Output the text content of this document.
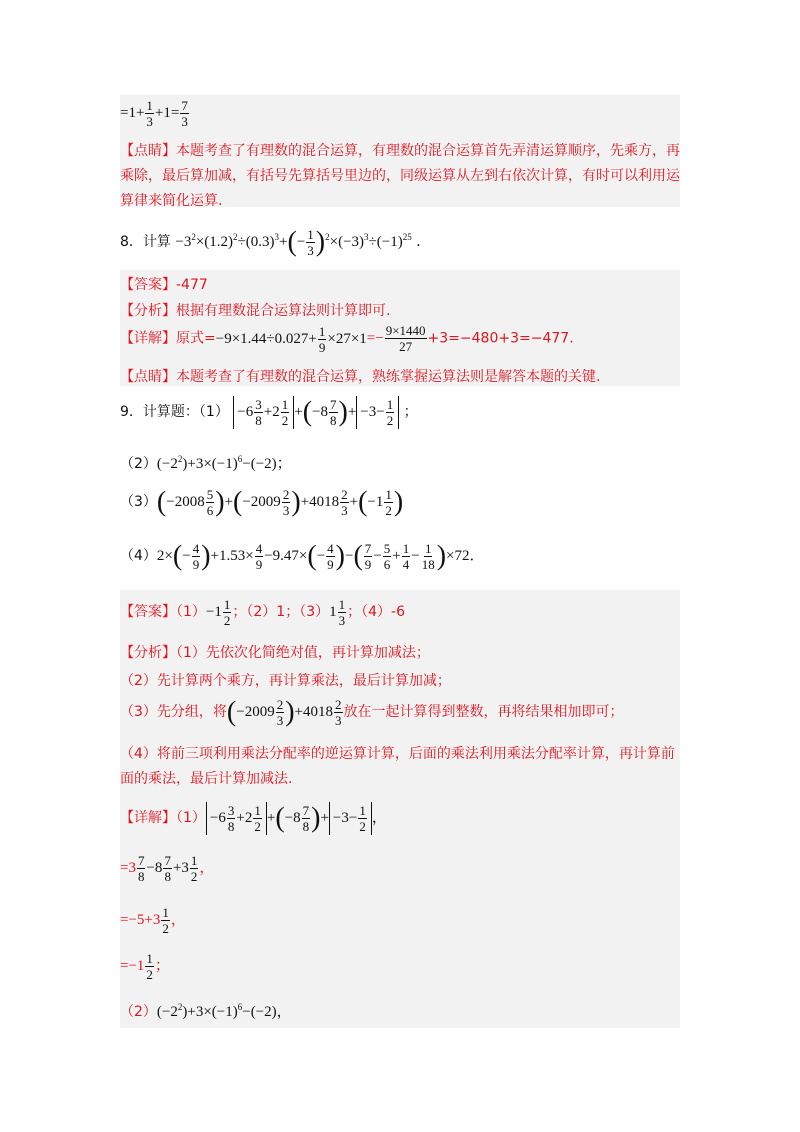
$=1+ \frac{1}{3} +1= \frac{7}{3}$
【点睛】本题考查了有理数的混合运算，有理数的混合运算首先弄清运算顺序，先乘方，再乘除，最后算加减，有括号先算括号里边的，同级运算从左到右依次计算，有时可以利用运算律来简化运算.
8．计算 $-3^2\times(1.2)^2\div(0.3)^3+(- \frac{1}{3} )^2\times(-3)^3\div(-1)^{25}$ ．
【答案】-477
【分析】根据有理数混合运算法则计算即可.
【详解】原式$=-9\times 1.44\div 0.027+ \frac{1}{9} \times 27\times 1=- \frac{9\times 1440}{27} +3=-480+3=-477$.
【点睛】本题考查了有理数的混合运算，熟练掌握运算法则是解答本题的关键.
9．计算题：$(1) -6 \frac{3}{8} +2 \frac{1}{2} +(-8 \frac{7}{8}$ )+ $-3- \frac{1}{2}$ ；
$(2)(-2^2)+3\times(-1)^6-(-2)$；
$(3)(-2008 \frac{5}{6} )+(-2009 \frac{2}{3} )+4018 \frac{2}{3} +(-1 \frac{1}{2}$ )
$(4)2\times(- \frac{4}{9} )+1.53\times \frac{4}{9} -9.47\times(- \frac{4}{9}$ )−( $\frac{7}{9} - \frac{5}{6} + \frac{1}{4} - \frac{1}{18} )\times 72$．
【答案】$(1)-1 \frac{1}{2}$ ；（2）1；$(3)1 \frac{1}{3}$ ；（4）-6
【分析】（1）先依次化简绝对值，再计算加减法；
（2）先计算两个乘方，再计算乘法，最后计算加减；
（3）先分组，将$(-2009 \frac{2}{3} )+4018 \frac{2}{3}$ 放在一起计算得到整数，再将结果相加即可；
（4）将前三项利用乘法分配率的逆运算计算，后面的乘法利用乘法分配率计算，再计算前面的乘法，最后计算加减法.
【详解】$(1) -6 \frac{3}{8} +2 \frac{1}{2} +(-8 \frac{7}{8}$ )+ $-3- \frac{1}{2}$ ，
$=3 \frac{7}{8} -8 \frac{7}{8} +3 \frac{1}{2}$ ，
$=-5+3 \frac{1}{2}$ ，
$=-1 \frac{1}{2}$ ；
$(2)(-2^2)+3\times(-1)^6-(-2)$，
